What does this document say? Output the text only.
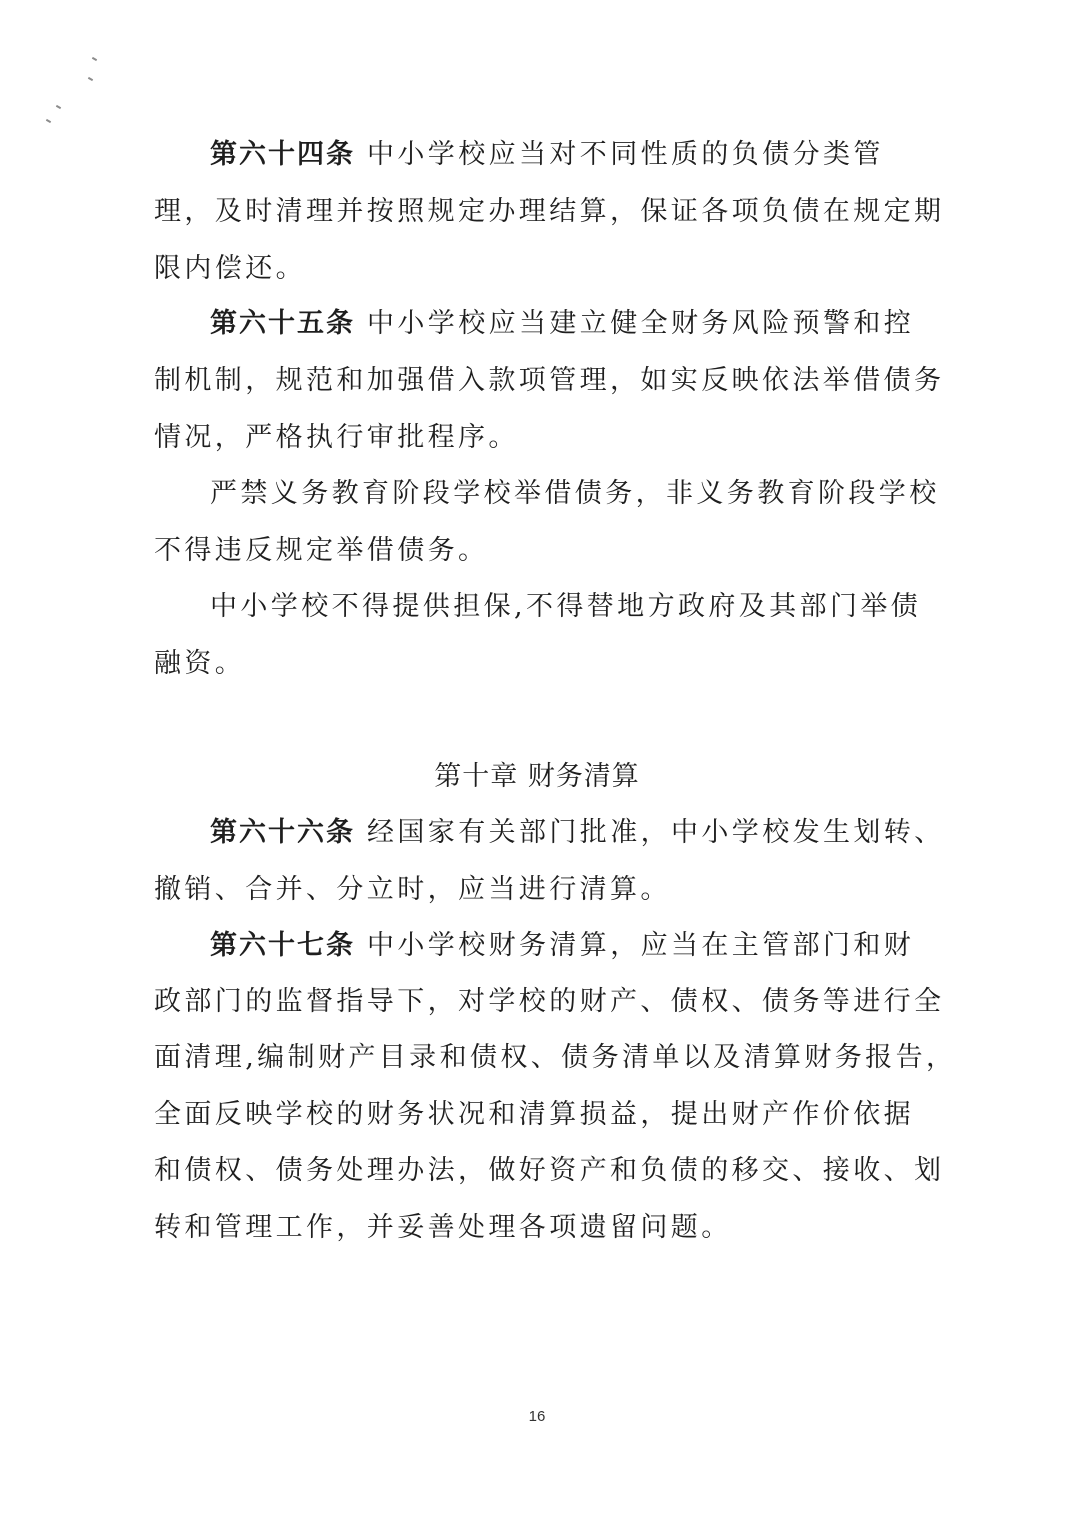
第六十四条 中小学校应当对不同性质的负债分类管
理，及时清理并按照规定办理结算，保证各项负债在规定期
限内偿还。
第六十五条 中小学校应当建立健全财务风险预警和控
制机制，规范和加强借入款项管理，如实反映依法举借债务
情况，严格执行审批程序。
严禁义务教育阶段学校举借债务，非义务教育阶段学校
不得违反规定举借债务。
中小学校不得提供担保,不得替地方政府及其部门举债
融资。
第十章 财务清算
第六十六条 经国家有关部门批准，中小学校发生划转、
撤销、合并、分立时，应当进行清算。
第六十七条 中小学校财务清算，应当在主管部门和财
政部门的监督指导下，对学校的财产、债权、债务等进行全
面清理,编制财产目录和债权、债务清单以及清算财务报告，
全面反映学校的财务状况和清算损益，提出财产作价依据
和债权、债务处理办法，做好资产和负债的移交、接收、划
转和管理工作，并妥善处理各项遗留问题。
16
